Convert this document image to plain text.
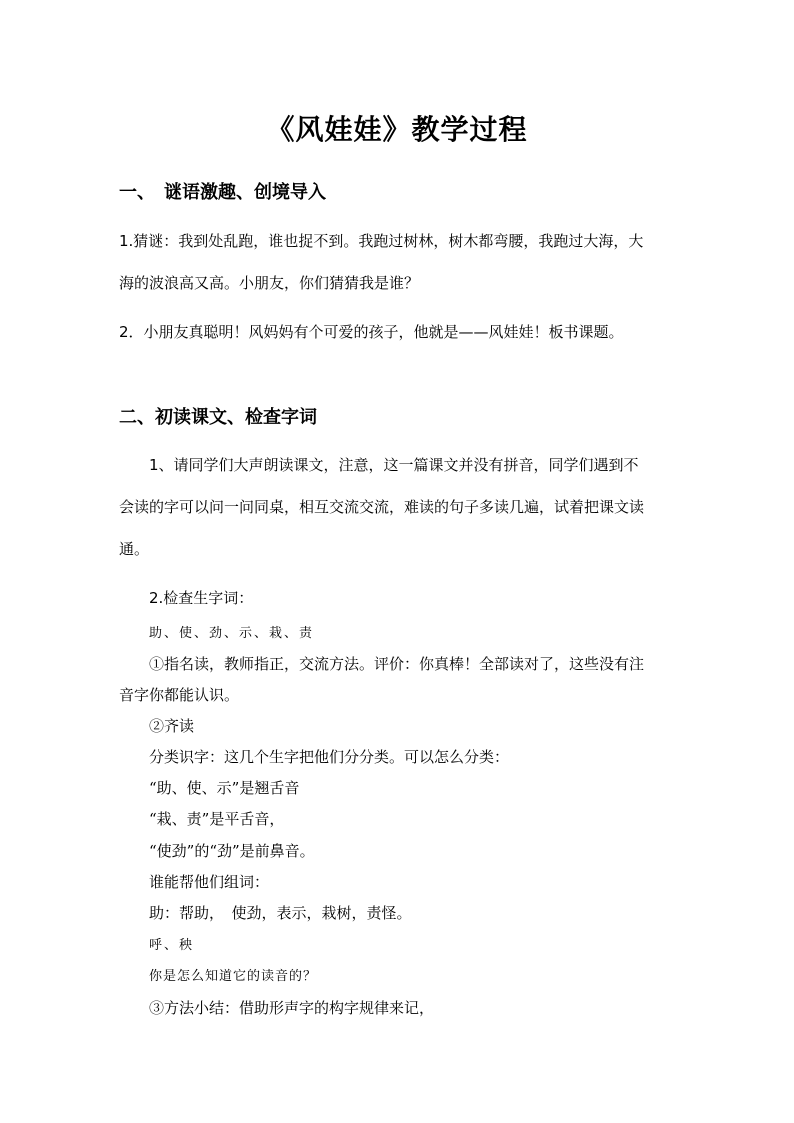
《风娃娃》教学过程
一、　谜语激趣、创境导入
1.猜谜：我到处乱跑，谁也捉不到。我跑过树林，树木都弯腰，我跑过大海，大
海的波浪高又高。小朋友，你们猜猜我是谁？
2．小朋友真聪明！风妈妈有个可爱的孩子，他就是——风娃娃！板书课题。
二、初读课文、检查字词
1、请同学们大声朗读课文，注意，这一篇课文并没有拼音，同学们遇到不
会读的字可以问一问同桌，相互交流交流，难读的句子多读几遍，试着把课文读
通。
2.检查生字词：
助、使、劲、示、栽、责
①指名读，教师指正，交流方法。评价：你真棒！全部读对了，这些没有注
音字你都能认识。
②齐读
分类识字：这几个生字把他们分分类。可以怎么分类：
“助、使、示”是翘舌音
“栽、责”是平舌音，
“使劲”的“劲”是前鼻音。
谁能帮他们组词：
助：帮助，　使劲，表示，栽树，责怪。
呼、秧
你是怎么知道它的读音的？
③方法小结：借助形声字的构字规律来记，
